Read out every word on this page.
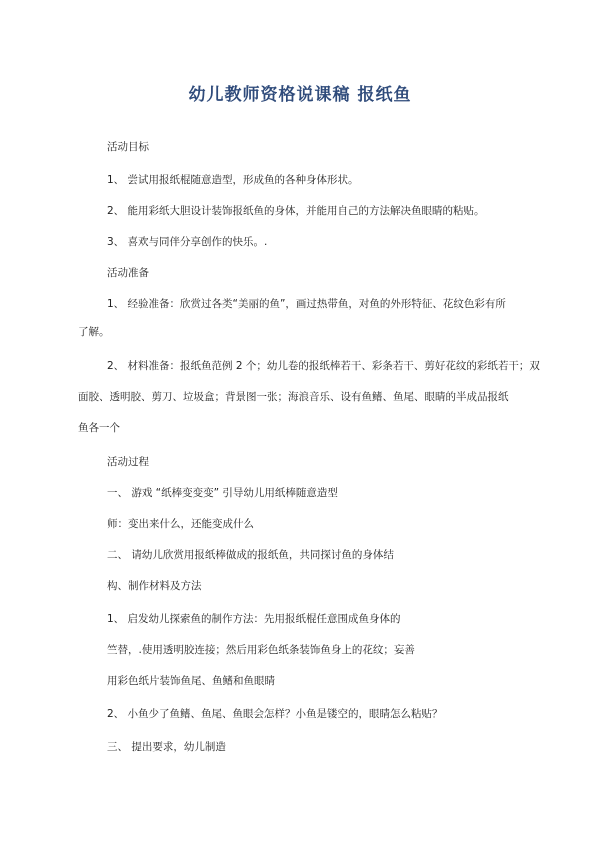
幼儿教师资格说课稿 报纸鱼
活动目标
1、 尝试用报纸棍随意造型，形成鱼的各种身体形状。
2、 能用彩纸大胆设计装饰报纸鱼的身体，并能用自己的方法解决鱼眼睛的粘贴。
3、 喜欢与同伴分享创作的快乐。.
活动准备
1、 经验准备：欣赏过各类“美丽的鱼”，画过热带鱼，对鱼的外形特征、花纹色彩有所
了解。
2、 材料准备：报纸鱼范例 2 个；幼儿卷的报纸棒若干、彩条若干、剪好花纹的彩纸若干；双
面胶、透明胶、剪刀、垃圾盒；背景图一张；海浪音乐、设有鱼鳍、鱼尾、眼睛的半成品报纸
鱼各一个
活动过程
一、 游戏 “纸棒变变变” 引导幼儿用纸棒随意造型
师：变出来什么，还能变成什么
二、 请幼儿欣赏用报纸棒做成的报纸鱼，共同探讨鱼的身体结
构、制作材料及方法
1、 启发幼儿探索鱼的制作方法：先用报纸棍任意围成鱼身体的
竺替，.使用透明胶连接；然后用彩色纸条装饰鱼身上的花纹；妄善
用彩色纸片装饰鱼尾、鱼鳍和鱼眼睛
2、 小鱼少了鱼鳍、鱼尾、鱼眼会怎样？小鱼是镂空的，眼睛怎么粘贴？
三、 提出要求，幼儿制造
